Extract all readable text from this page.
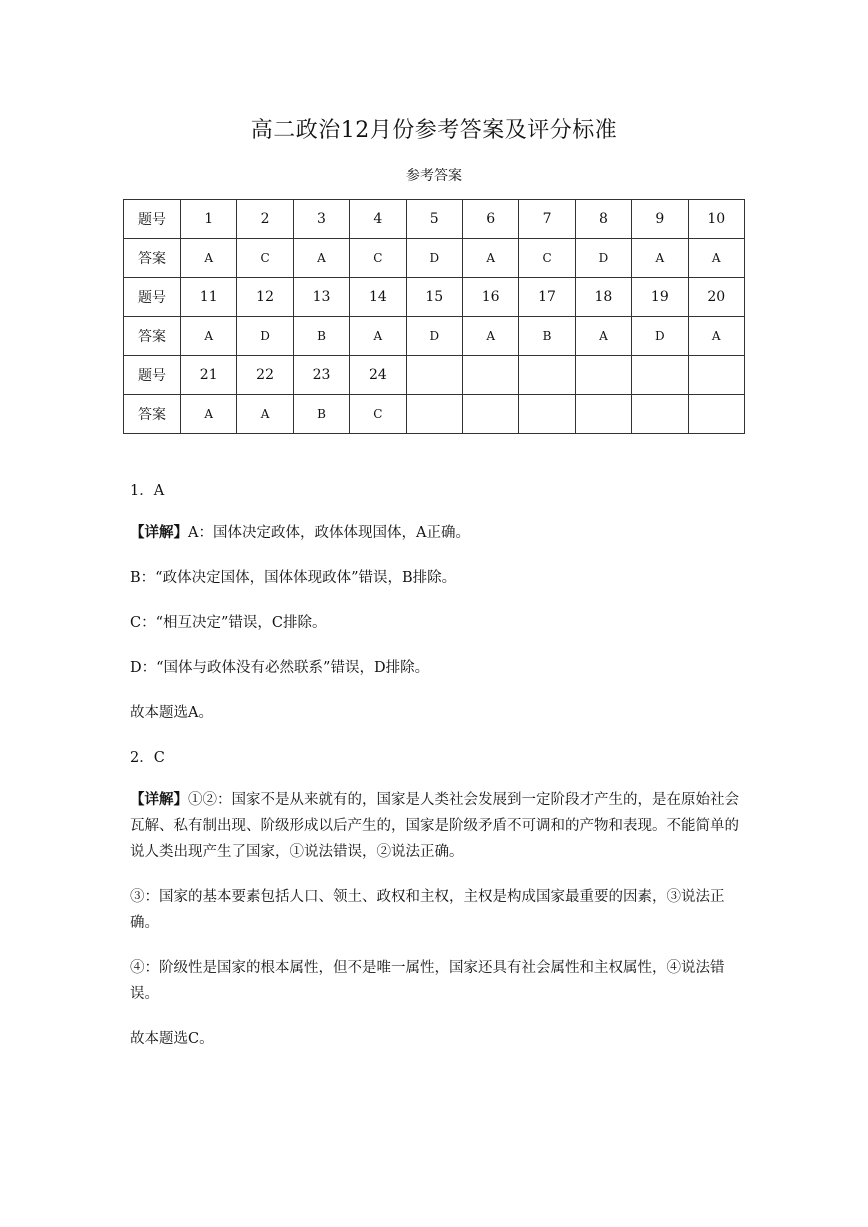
高二政治12月份参考答案及评分标准
参考答案
题号	1	2	3	4	5	6	7	8	9	10
答案	A	C	A	C	D	A	C	D	A	A
题号	11	12	13	14	15	16	17	18	19	20
答案	A	D	B	A	D	A	B	A	D	A
题号	21	22	23	24						
答案	A	A	B	C						

1．A

【详解】A：国体决定政体，政体体现国体，A正确。

B：“政体决定国体，国体体现政体”错误，B排除。

C：“相互决定”错误，C排除。

D：“国体与政体没有必然联系”错误，D排除。

故本题选A。

2．C

【详解】①②：国家不是从来就有的，国家是人类社会发展到一定阶段才产生的，是在原始社会瓦解、私有制出现、阶级形成以后产生的，国家是阶级矛盾不可调和的产物和表现。不能简单的说人类出现产生了国家，①说法错误，②说法正确。

③：国家的基本要素包括人口、领土、政权和主权，主权是构成国家最重要的因素，③说法正确。

④：阶级性是国家的根本属性，但不是唯一属性，国家还具有社会属性和主权属性，④说法错误。

故本题选C。
